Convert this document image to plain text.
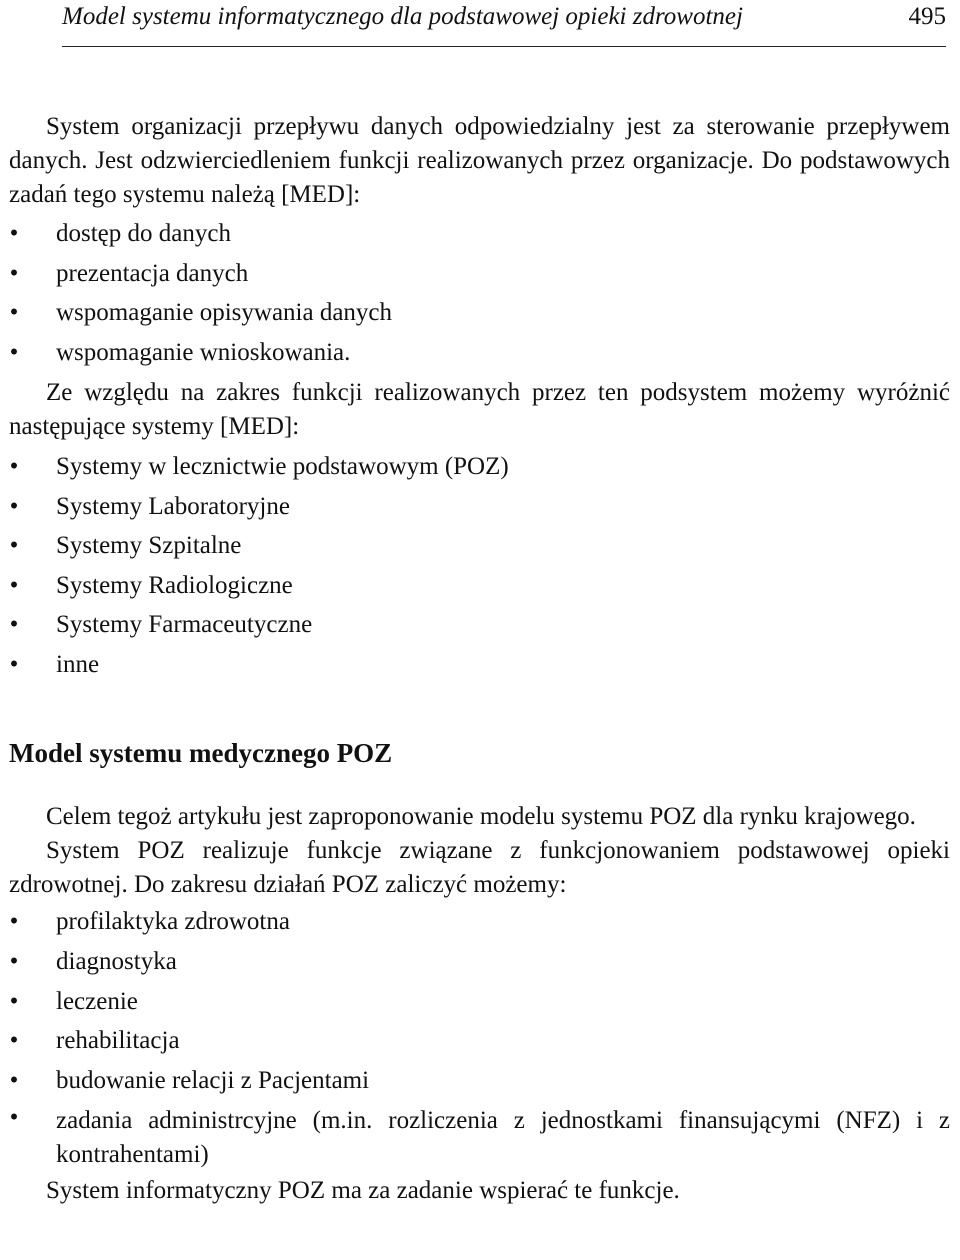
Model systemu informatycznego dla podstawowej opieki zdrowotnej	495

System organizacji przepływu danych odpowiedzialny jest za sterowanie przepływem danych. Jest odzwierciedleniem funkcji realizowanych przez organizacje. Do podstawowych zadań tego systemu należą [MED]:

• dostęp do danych
• prezentacja danych
• wspomaganie opisywania danych
• wspomaganie wnioskowania.

Ze względu na zakres funkcji realizowanych przez ten podsystem możemy wyróżnić następujące systemy [MED]:

• Systemy w lecznictwie podstawowym (POZ)
• Systemy Laboratoryjne
• Systemy Szpitalne
• Systemy Radiologiczne
• Systemy Farmaceutyczne
• inne
Model systemu medycznego POZ

Celem tegoż artykułu jest zaproponowanie modelu systemu POZ dla rynku krajowego.

System POZ realizuje funkcje związane z funkcjonowaniem podstawowej opieki zdrowotnej. Do zakresu działań POZ zaliczyć możemy:

• profilaktyka zdrowotna
• diagnostyka
• leczenie
• rehabilitacja
• budowanie relacji z Pacjentami
• zadania administrcyjne (m.in. rozliczenia z jednostkami finansującymi (NFZ) i z kontrahentami)

System informatyczny POZ ma za zadanie wspierać te funkcje.
